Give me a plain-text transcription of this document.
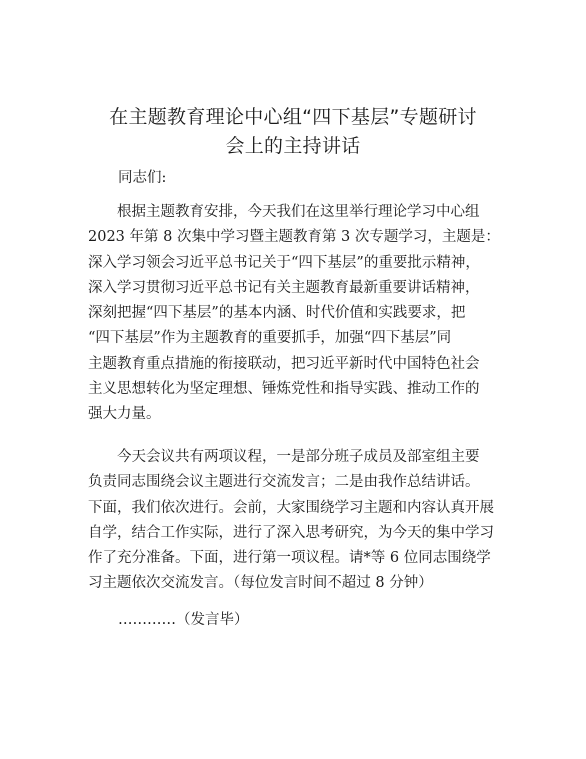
在主题教育理论中心组“四下基层”专题研讨
会上的主持讲话
同志们:
　　根据主题教育安排，今天我们在这里举行理论学习中心组
2023 年第 8 次集中学习暨主题教育第 3 次专题学习，主题是：
深入学习领会习近平总书记关于“四下基层”的重要批示精神，
深入学习贯彻习近平总书记有关主题教育最新重要讲话精神，
深刻把握“四下基层”的基本内涵、时代价值和实践要求，把
“四下基层”作为主题教育的重要抓手，加强“四下基层”同
主题教育重点措施的衔接联动，把习近平新时代中国特色社会
主义思想转化为坚定理想、锤炼党性和指导实践、推动工作的
强大力量。
　　今天会议共有两项议程，一是部分班子成员及部室组主要
负责同志围绕会议主题进行交流发言；二是由我作总结讲话。
下面，我们依次进行。会前，大家围绕学习主题和内容认真开展
自学，结合工作实际，进行了深入思考研究，为今天的集中学习
作了充分准备。下面，进行第一项议程。请*等 6 位同志围绕学
习主题依次交流发言。（每位发言时间不超过 8 分钟）
…………（发言毕）
